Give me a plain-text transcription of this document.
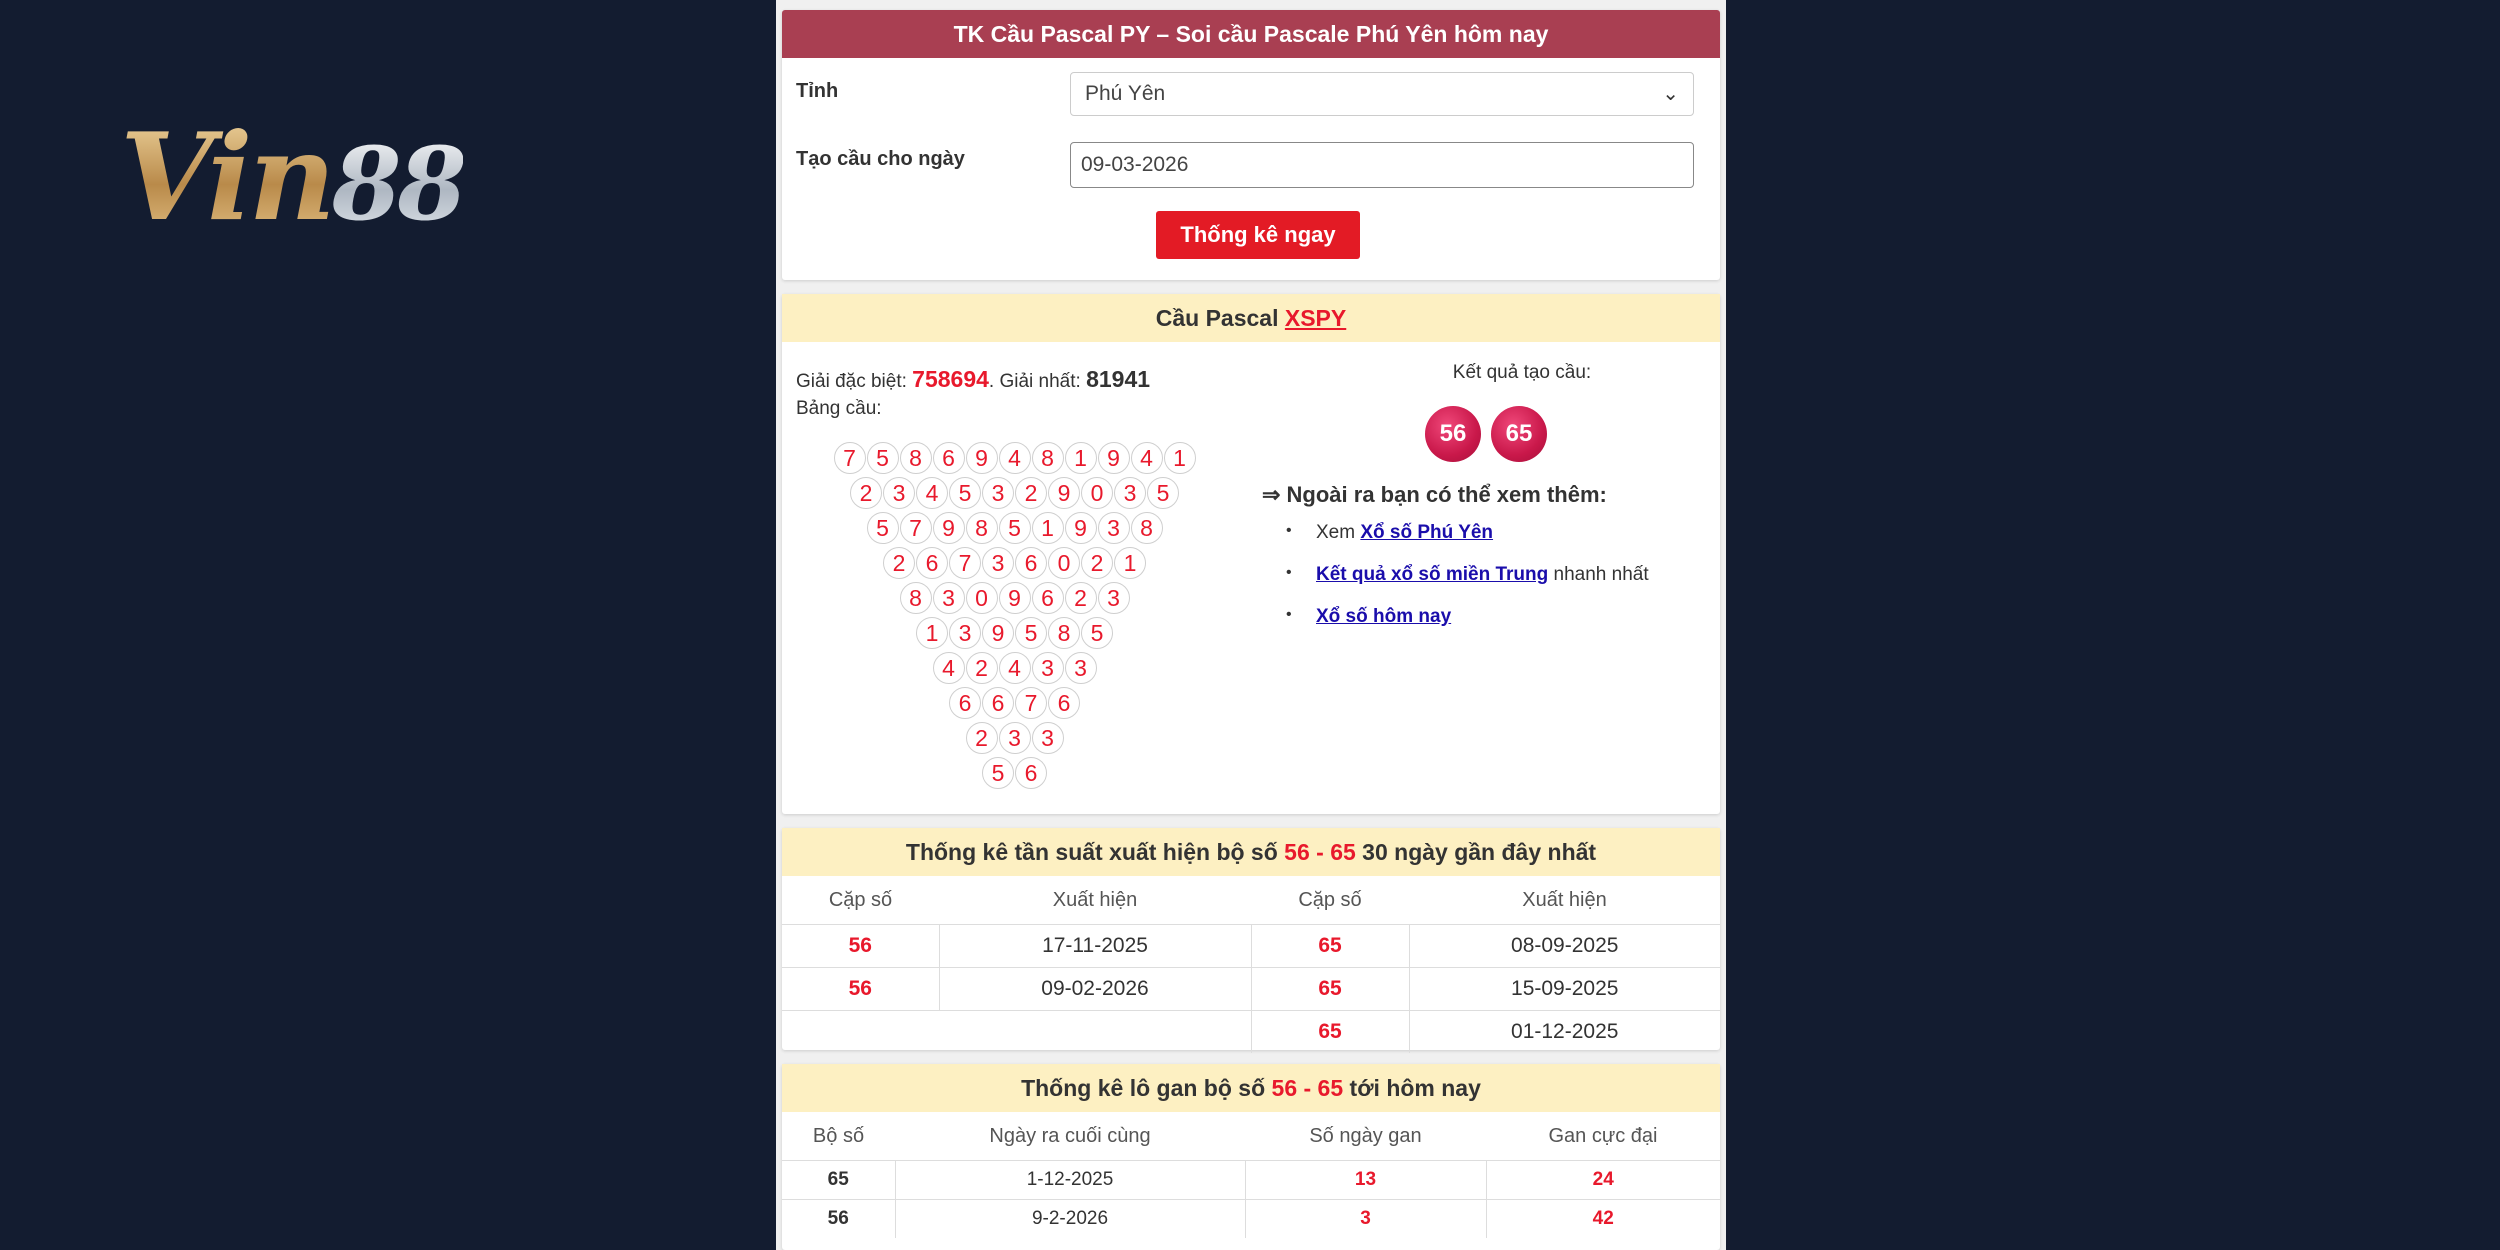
Vin88
TK Cầu Pascal PY – Soi cầu Pascale Phú Yên hôm nay
Tỉnh	Phú Yên	⌄
Tạo cầu cho ngày	09-03-2026
Thống kê ngay
Cầu Pascal XSPY
Giải đặc biệt: 758694. Giải nhất: 81941
Bảng cầu:
7 5 8 6 9 4 8 1 9 4 1
2 3 4 5 3 2 9 0 3 5
5 7 9 8 5 1 9 3 8
2 6 7 3 6 0 2 1
8 3 0 9 6 2 3
1 3 9 5 8 5
4 2 4 3 3
6 6 7 6
2 3 3
5 6
Kết quả tạo cầu:
56	65
⇒ Ngoài ra bạn có thể xem thêm:
• Xem Xổ số Phú Yên
• Kết quả xổ số miền Trung nhanh nhất
• Xổ số hôm nay
Thống kê tần suất xuất hiện bộ số 56 - 65 30 ngày gần đây nhất
Cặp số	Xuất hiện	Cặp số	Xuất hiện
56	17-11-2025	65	08-09-2025
56	09-02-2026	65	15-09-2025
		65	01-12-2025
Thống kê lô gan bộ số 56 - 65 tới hôm nay
Bộ số	Ngày ra cuối cùng	Số ngày gan	Gan cực đại
65	1-12-2025	13	24
56	9-2-2026	3	42
